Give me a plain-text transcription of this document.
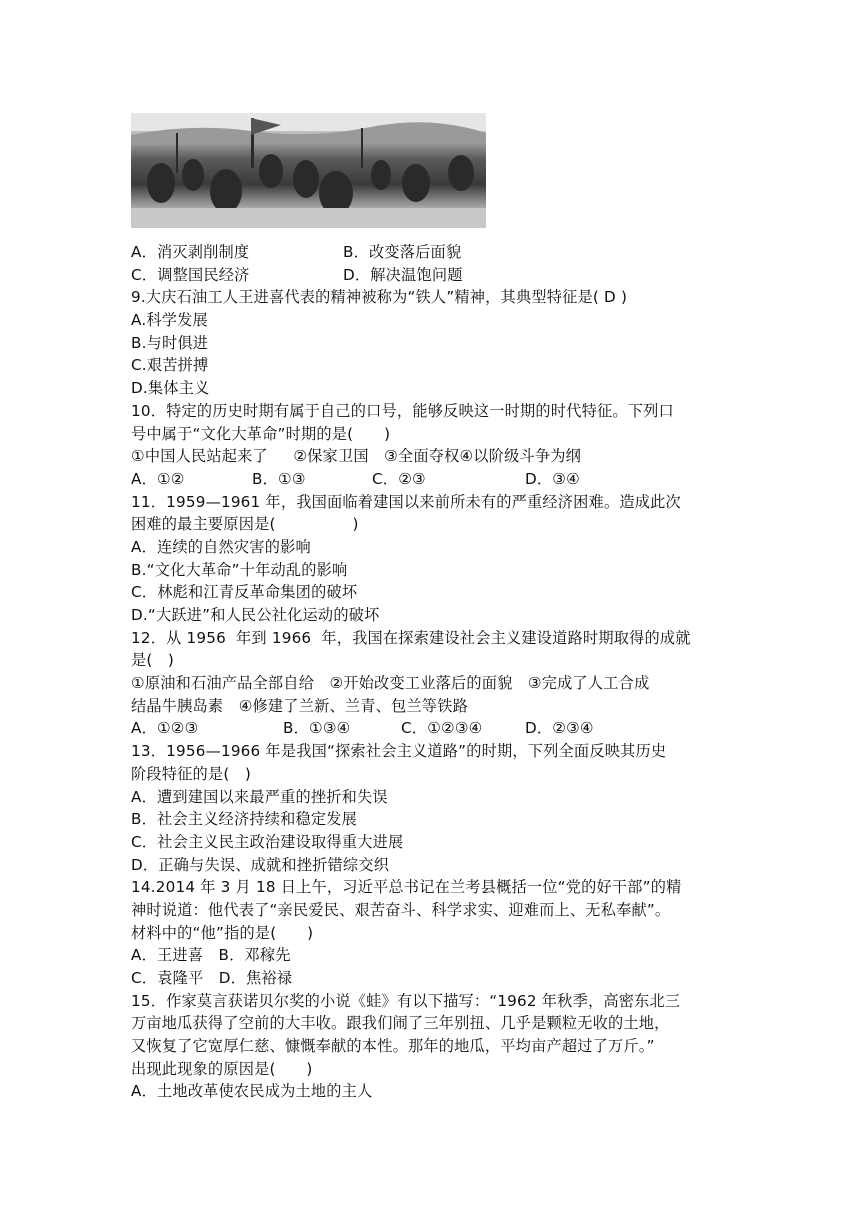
A．消灭剥削制度	B．改变落后面貌
C．调整国民经济	D．解决温饱问题
9.大庆石油工人王进喜代表的精神被称为“铁人”精神，其典型特征是( D )
A.科学发展
B.与时俱进
C.艰苦拼搏
D.集体主义
10．特定的历史时期有属于自己的口号，能够反映这一时期的时代特征。下列口
号中属于“文化大革命”时期的是(　　)
①中国人民站起来了　  ②保家卫国　③全面夺权④以阶级斗争为纲
A．①②	B．①③	C．②③	D．③④
11．1959—1961 年，我国面临着建国以来前所未有的严重经济困难。造成此次
困难的最主要原因是(　　　　　)
A．连续的自然灾害的影响
B.“文化大革命”十年动乱的影响
C．林彪和江青反革命集团的破坏
D.“大跃进”和人民公社化运动的破坏
12．从 1956  年到 1966  年，我国在探索建设社会主义建设道路时期取得的成就
是(　)
①原油和石油产品全部自给　②开始改变工业落后的面貌　③完成了人工合成
结晶牛胰岛素　④修建了兰新、兰青、包兰等铁路
A．①②③	B．①③④	C．①②③④	D．②③④
13．1956—1966 年是我国“探索社会主义道路”的时期，下列全面反映其历史
阶段特征的是(　)
A．遭到建国以来最严重的挫折和失误
B．社会主义经济持续和稳定发展
C．社会主义民主政治建设取得重大进展
D．正确与失误、成就和挫折错综交织
14.2014 年 3 月 18 日上午，习近平总书记在兰考县概括一位“党的好干部”的精
神时说道：他代表了“亲民爱民、艰苦奋斗、科学求实、迎难而上、无私奉献”。
材料中的“他”指的是(　　)
A．王进喜　B．邓稼先
C．袁隆平　D．焦裕禄
15．作家莫言获诺贝尔奖的小说《蛙》有以下描写：“1962 年秋季，高密东北三
万亩地瓜获得了空前的大丰收。跟我们闹了三年别扭、几乎是颗粒无收的土地，
又恢复了它宽厚仁慈、慷慨奉献的本性。那年的地瓜，平均亩产超过了万斤。”
出现此现象的原因是(　　)
A．土地改革使农民成为土地的主人
